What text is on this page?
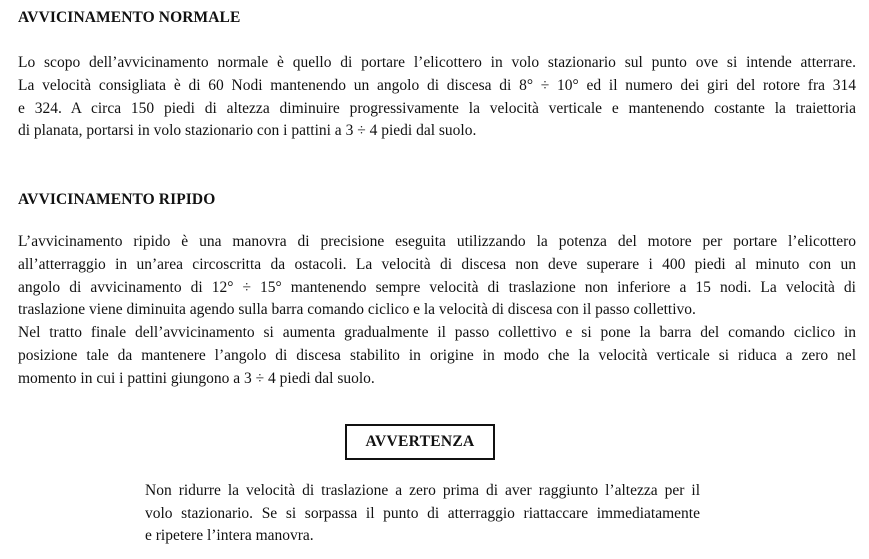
AVVICINAMENTO NORMALE

Lo scopo dell’avvicinamento normale è quello di portare l’elicottero in volo stazionario sul punto ove si intende atterrare.
La velocità consigliata è di 60 Nodi mantenendo un angolo di discesa di 8° ÷ 10° ed il numero dei giri del rotore fra 314
e 324. A circa 150 piedi di altezza diminuire progressivamente la velocità verticale e mantenendo costante la traiettoria
di planata, portarsi in volo stazionario con i pattini a 3 ÷ 4 piedi dal suolo.

AVVICINAMENTO RIPIDO

L’avvicinamento ripido è una manovra di precisione eseguita utilizzando la potenza del motore per portare l’elicottero
all’atterraggio in un’area circoscritta da ostacoli. La velocità di discesa non deve superare i 400 piedi al minuto con un
angolo di avvicinamento di 12° ÷ 15° mantenendo sempre velocità di traslazione non inferiore a 15 nodi. La velocità di
traslazione viene diminuita agendo sulla barra comando ciclico e la velocità di discesa con il passo collettivo.
Nel tratto finale dell’avvicinamento si aumenta gradualmente il passo collettivo e si pone la barra del comando ciclico in
posizione tale da mantenere l’angolo di discesa stabilito in origine in modo che la velocità verticale si riduca a zero nel
momento in cui i pattini giungono a 3 ÷ 4 piedi dal suolo.

AVVERTENZA

Non ridurre la velocità di traslazione a zero prima di aver raggiunto l’altezza per il
volo stazionario. Se si sorpassa il punto di atterraggio riattaccare immediatamente
e ripetere l’intera manovra.
